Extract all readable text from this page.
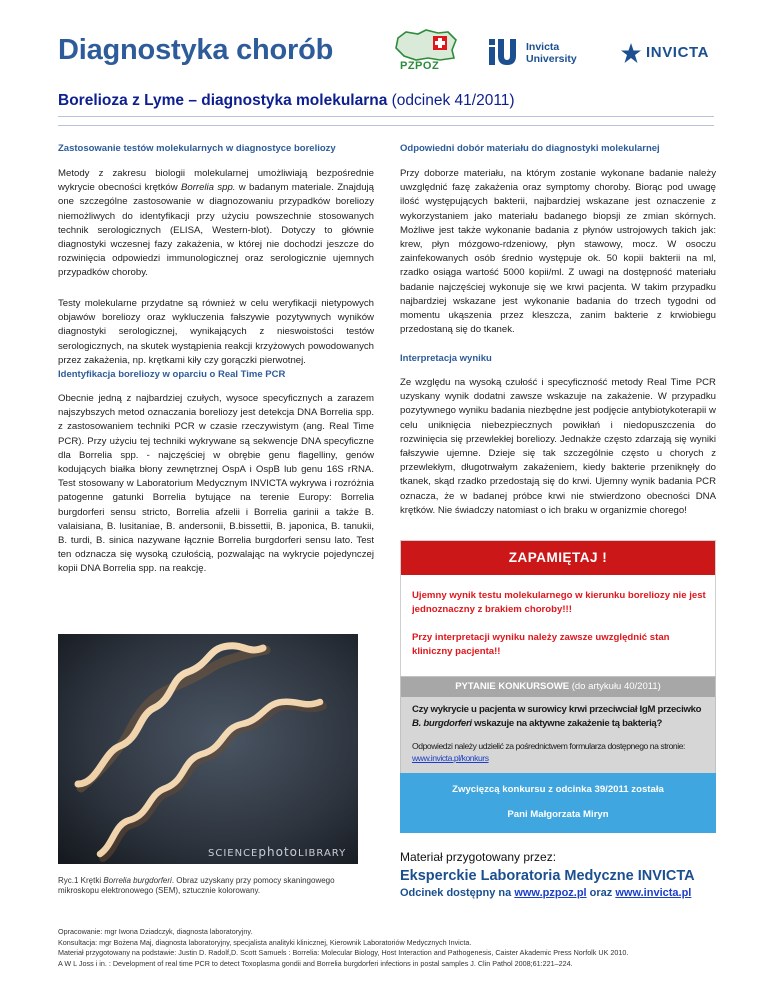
Diagnostyka chorób	PZPOZ
Invicta
University	INVICTA
Borelioza z Lyme – diagnostyka molekularna (odcinek 41/2011)
Zastosowanie testów molekularnych w diagnostyce boreliozy
Metody z zakresu biologii molekularnej umożliwiają bezpośrednie wykrycie obecności krętków Borrelia spp. w badanym materiale. Znajdują one szczególne zastosowanie w diagnozowaniu przypadków boreliozy niemożliwych do identyfikacji przy użyciu powszechnie stosowanych technik serologicznych (ELISA, Western-blot). Dotyczy to głównie diagnostyki wczesnej fazy zakażenia, w której nie dochodzi jeszcze do rozwinięcia odpowiedzi immunologicznej oraz serologicznie ujemnych przypadków choroby.
Testy molekularne przydatne są również w celu weryfikacji nietypowych objawów boreliozy oraz wykluczenia fałszywie pozytywnych wyników diagnostyki serologicznej, wynikających z nieswoistości testów serologicznych, na skutek wystąpienia reakcji krzyżowych powodowanych przez zakażenia, np. krętkami kiły czy gorączki pierwotnej.
Identyfikacja boreliozy w oparciu o Real Time PCR
Obecnie jedną z najbardziej czułych, wysoce specyficznych a zarazem najszybszych metod oznaczania boreliozy jest detekcja DNA Borrelia spp. z zastosowaniem techniki PCR w czasie rzeczywistym (ang. Real Time PCR). Przy użyciu tej techniki wykrywane są sekwencje DNA specyficzne dla Borrelia spp. - najczęściej w obrębie genu flagelliny, genów kodujących białka błony zewnętrznej OspA i OspB lub genu 16S rRNA. Test stosowany w Laboratorium Medycznym INVICTA wykrywa i rozróżnia patogenne gatunki Borrelia bytujące na terenie Europy: Borrelia burgdorferi sensu stricto, Borrelia afzelii i Borrelia garinii a także B. valaisiana, B. lusitaniae, B. andersonii, B.bissettii, B. japonica, B. tanukii, B. turdi, B. sinica nazywane łącznie Borrelia burgdorferi sensu lato. Test ten odznacza się wysoką czułością, pozwalając na wykrycie pojedynczej kopii DNA Borrelia spp. na reakcję.
SCIENCEphotoLIBRARY
Ryc.1 Krętki Borrelia burgdorferi. Obraz uzyskany przy pomocy skaningowego mikroskopu elektronowego (SEM), sztucznie kolorowany.
Odpowiedni dobór materiału do diagnostyki molekularnej
Przy doborze materiału, na którym zostanie wykonane badanie należy uwzględnić fazę zakażenia oraz symptomy choroby. Biorąc pod uwagę ilość występujących bakterii, najbardziej wskazane jest oznaczenie z wykorzystaniem jako materiału badanego biopsji ze zmian skórnych. Możliwe jest także wykonanie badania z płynów ustrojowych takich jak: krew, płyn mózgowo-rdzeniowy, płyn stawowy, mocz. W osoczu zainfekowanych osób średnio występuje ok. 50 kopii bakterii na ml, rzadko osiąga wartość 5000 kopii/ml. Z uwagi na dostępność materiału badanie najczęściej wykonuje się we krwi pacjenta. W takim przypadku najbardziej wskazane jest wykonanie badania do trzech tygodni od momentu ukąszenia przez kleszcza, zanim bakterie z krwiobiegu przedostaną się do tkanek.
Interpretacja wyniku
Ze względu na wysoką czułość i specyficzność metody Real Time PCR uzyskany wynik dodatni zawsze wskazuje na zakażenie. W przypadku pozytywnego wyniku badania niezbędne jest podjęcie antybiotykoterapii w celu uniknięcia niebezpiecznych powikłań i niedopuszczenia do rozwinięcia się przewlekłej boreliozy. Jednakże często zdarzają się wyniki fałszywie ujemne. Dzieje się tak szczególnie często u chorych z przewlekłym, długotrwałym zakażeniem, kiedy bakterie przeniknęły do tkanek, skąd rzadko przedostają się do krwi. Ujemny wynik badania PCR oznacza, że w badanej próbce krwi nie stwierdzono obecności DNA krętków. Nie świadczy natomiast o ich braku w organizmie chorego!
ZAPAMIĘTAJ !
Ujemny wynik testu molekularnego w kierunku boreliozy nie jest jednoznaczny z brakiem choroby!!!
Przy interpretacji wyniku należy zawsze uwzględnić stan kliniczny pacjenta!!
PYTANIE KONKURSOWE (do artykułu 40/2011)
Czy wykrycie u pacjenta w surowicy krwi przeciwciał IgM przeciwko
B. burgdorferi wskazuje na aktywne zakażenie tą bakterią?
Odpowiedzi należy udzielić za pośrednictwem formularza dostępnego na stronie:
www.invicta.pl/konkurs
Zwycięzcą konkursu z odcinka 39/2011 została
Pani Małgorzata Miryn
Materiał przygotowany przez:
Eksperckie Laboratoria Medyczne INVICTA
Odcinek dostępny na www.pzpoz.pl oraz www.invicta.pl
Opracowanie: mgr Iwona Dziadczyk, diagnosta laboratoryjny.
Konsultacja: mgr Bożena Maj, diagnosta laboratoryjny, specjalista analityki klinicznej, Kierownik Laboratoriów Medycznych Invicta.
Materiał przygotowany na podstawie: Justin D. Radolf,D. Scott Samuels : Borrelia: Molecular Biology, Host Interaction and Pathogenesis, Caister Akademic Press Norfolk UK 2010.
A W L Joss i in. : Development of real time PCR to detect Toxoplasma gondii and Borrelia burgdorferi infections in postal samples J. Clin Pathol 2008;61:221–224.
